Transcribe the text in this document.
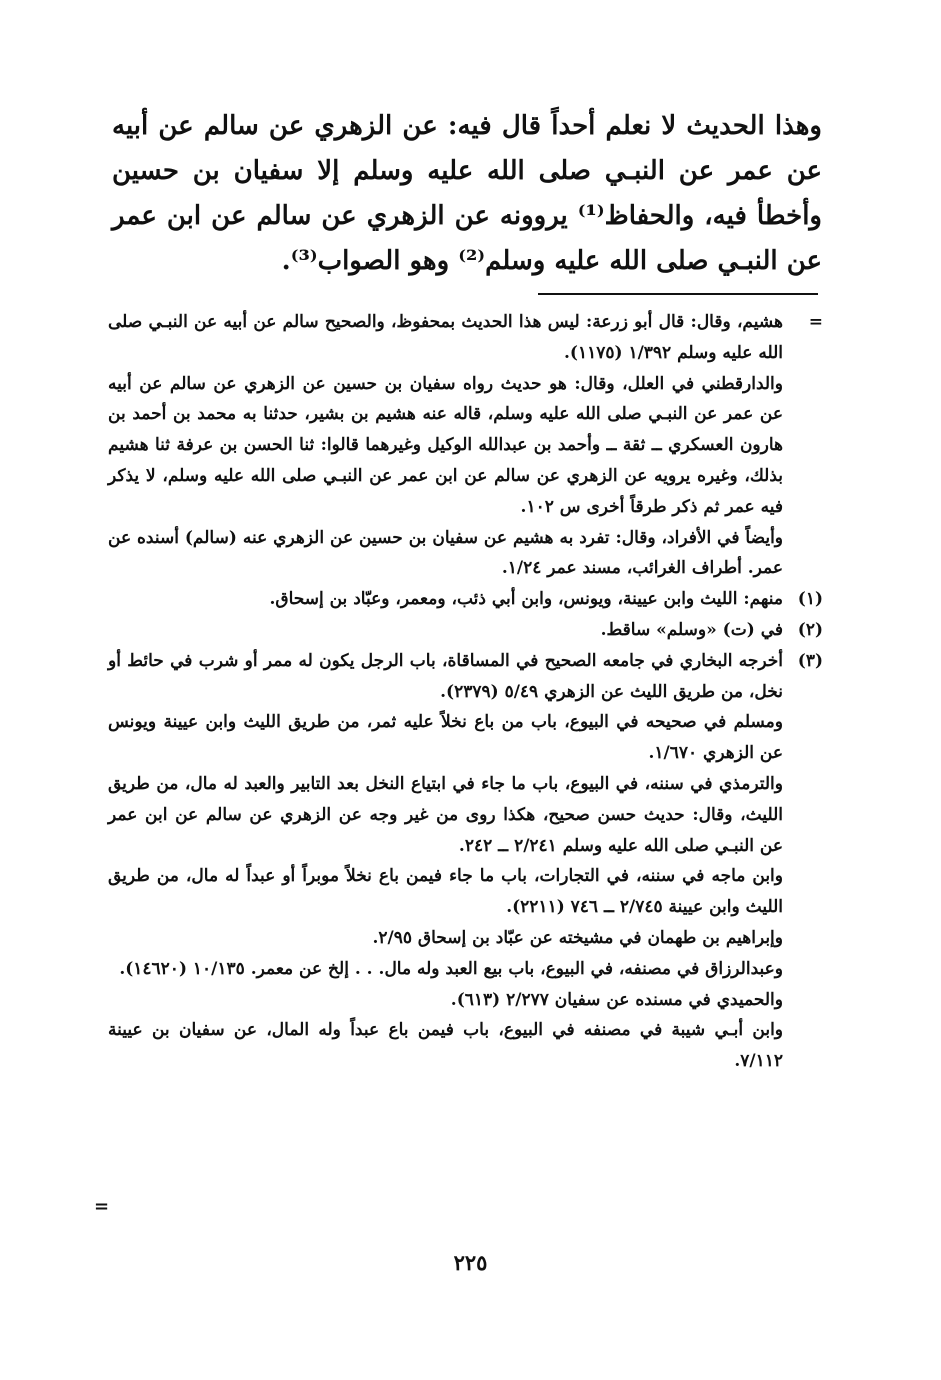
وهذا الحديث لا نعلم أحداً قال فيه: عن الزهري عن سالم عن أبيه عن عمر عن النبـي صلى الله عليه وسلم إلا سفيان بن حسين وأخطأ فيه، والحفاظ⁽¹⁾ يروونه عن الزهري عن سالم عن ابن عمر عن النبـي صلى الله عليه وسلم⁽²⁾ وهو الصواب⁽³⁾.

=

هشيم، وقال: قال أبو زرعة: ليس هذا الحديث بمحفوظ، والصحيح سالم عن أبيه عن النبـي صلى الله عليه وسلم ١/٣٩٢ (١١٧٥).

والدارقطني في العلل، وقال: هو حديث رواه سفيان بن حسين عن الزهري عن سالم عن أبيه عن عمر عن النبـي صلى الله عليه وسلم، قاله عنه هشيم بن بشير، حدثنا به محمد بن أحمد بن هارون العسكري ــ ثقة ــ وأحمد بن عبدالله الوكيل وغيرهما قالوا: ثنا الحسن بن عرفة ثنا هشيم بذلك، وغيره يرويه عن الزهري عن سالم عن ابن عمر عن النبـي صلى الله عليه وسلم، لا يذكر فيه عمر ثم ذكر طرقاً أخرى س ١٠٢.

وأيضاً في الأفراد، وقال: تفرد به هشيم عن سفيان بن حسين عن الزهري عنه (سالم) أسنده عن عمر. أطراف الغرائب، مسند عمر ١/٢٤.

(١)

منهم: الليث وابن عيينة، ويونس، وابن أبي ذئب، ومعمر، وعبّاد بن إسحاق.

(٢)

في (ت) «وسلم» ساقط.

(٣)

أخرجه البخاري في جامعه الصحيح في المساقاة، باب الرجل يكون له ممر أو شرب في حائط أو نخل، من طريق الليث عن الزهري ٥/٤٩ (٢٣٧٩).

ومسلم في صحيحه في البيوع، باب من باع نخلاً عليه ثمر، من طريق الليث وابن عيينة ويونس عن الزهري ١/٦٧٠.

والترمذي في سننه، في البيوع، باب ما جاء في ابتياع النخل بعد التابير والعبد له مال، من طريق الليث، وقال: حديث حسن صحيح، هكذا روى من غير وجه عن الزهري عن سالم عن ابن عمر عن النبـي صلى الله عليه وسلم ٢/٢٤١ ــ ٢٤٢.

وابن ماجه في سننه، في التجارات، باب ما جاء فيمن باع نخلاً موبراً أو عبداً له مال، من طريق الليث وابن عيينة ٢/٧٤٥ ــ ٧٤٦ (٢٢١١).

وإبراهيم بن طهمان في مشيخته عن عبّاد بن إسحاق ٢/٩٥.

وعبدالرزاق في مصنفه، في البيوع، باب بيع العبد وله مال. . . إلخ عن معمر. ١٠/١٣٥ (١٤٦٢٠).

والحميدي في مسنده عن سفيان ٢/٢٧٧ (٦١٣).

وابن أبـي شيبة في مصنفه في البيوع، باب فيمن باع عبداً وله المال، عن سفيان بن عيينة ٧/١١٢.

=
٢٢٥
